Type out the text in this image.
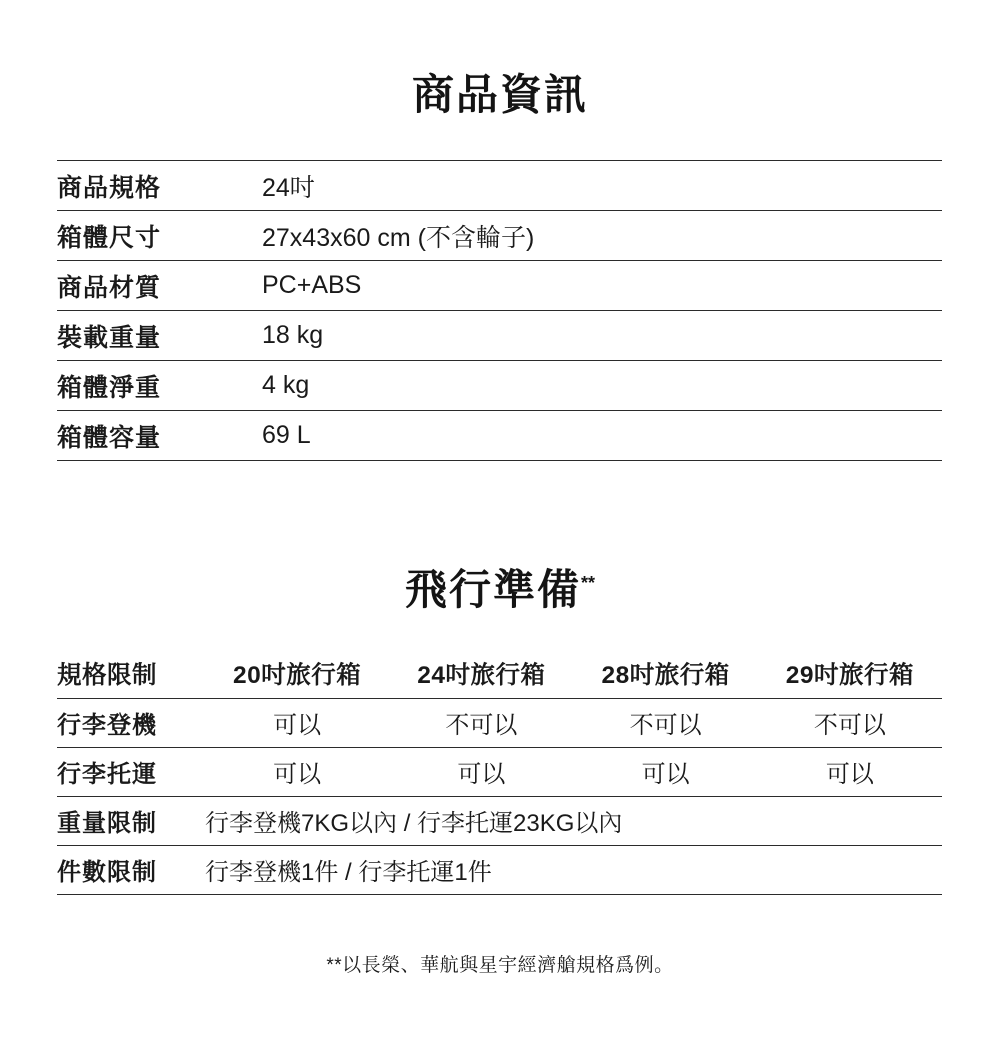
商品資訊
商品規格	24吋
箱體尺寸	27x43x60 cm (不含輪子)
商品材質	PC+ABS
裝載重量	18 kg
箱體淨重	4 kg
箱體容量	69 L
飛行準備**
規格限制	20吋旅行箱	24吋旅行箱	28吋旅行箱	29吋旅行箱
行李登機	可以	不可以	不可以	不可以
行李托運	可以	可以	可以	可以
重量限制	行李登機7KG以內 / 行李托運23KG以內			
件數限制	行李登機1件 / 行李托運1件			
**以長榮、華航與星宇經濟艙規格爲例。
